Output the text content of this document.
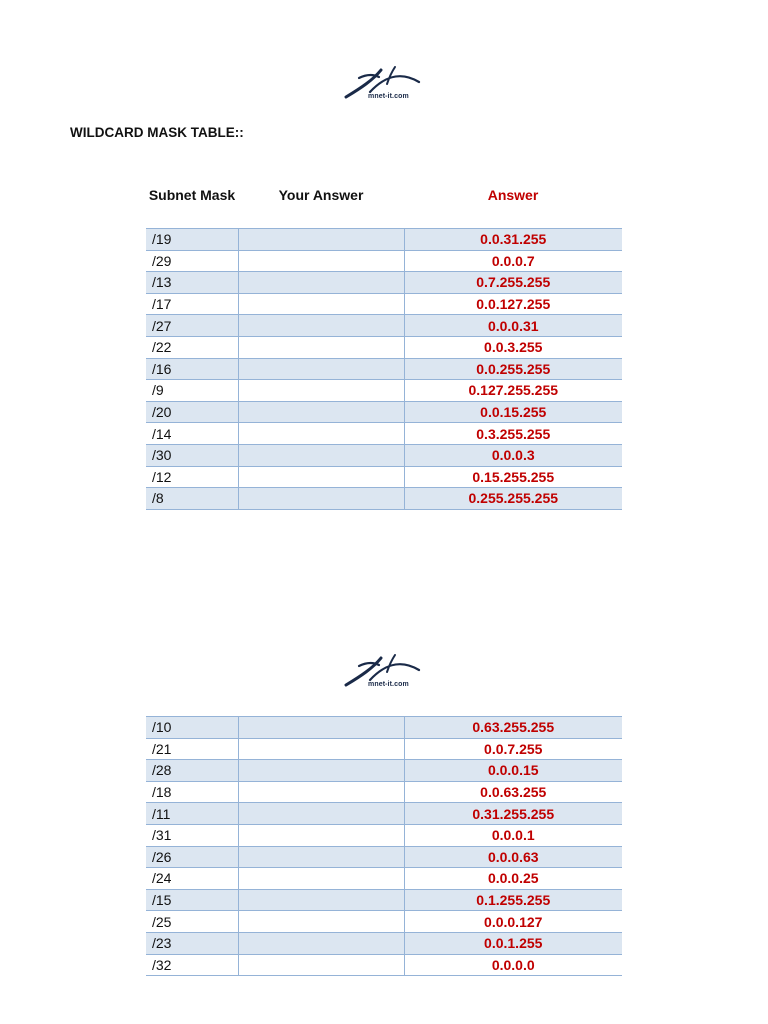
mnet-it.com
WILDCARD MASK TABLE::
Subnet Mask	Your Answer	Answer
/19		0.0.31.255
/29		0.0.0.7
/13		0.7.255.255
/17		0.0.127.255
/27		0.0.0.31
/22		0.0.3.255
/16		0.0.255.255
/9		0.127.255.255
/20		0.0.15.255
/14		0.3.255.255
/30		0.0.0.3
/12		0.15.255.255
/8		0.255.255.255
mnet-it.com
/10		0.63.255.255
/21		0.0.7.255
/28		0.0.0.15
/18		0.0.63.255
/11		0.31.255.255
/31		0.0.0.1
/26		0.0.0.63
/24		0.0.0.25
/15		0.1.255.255
/25		0.0.0.127
/23		0.0.1.255
/32		0.0.0.0
